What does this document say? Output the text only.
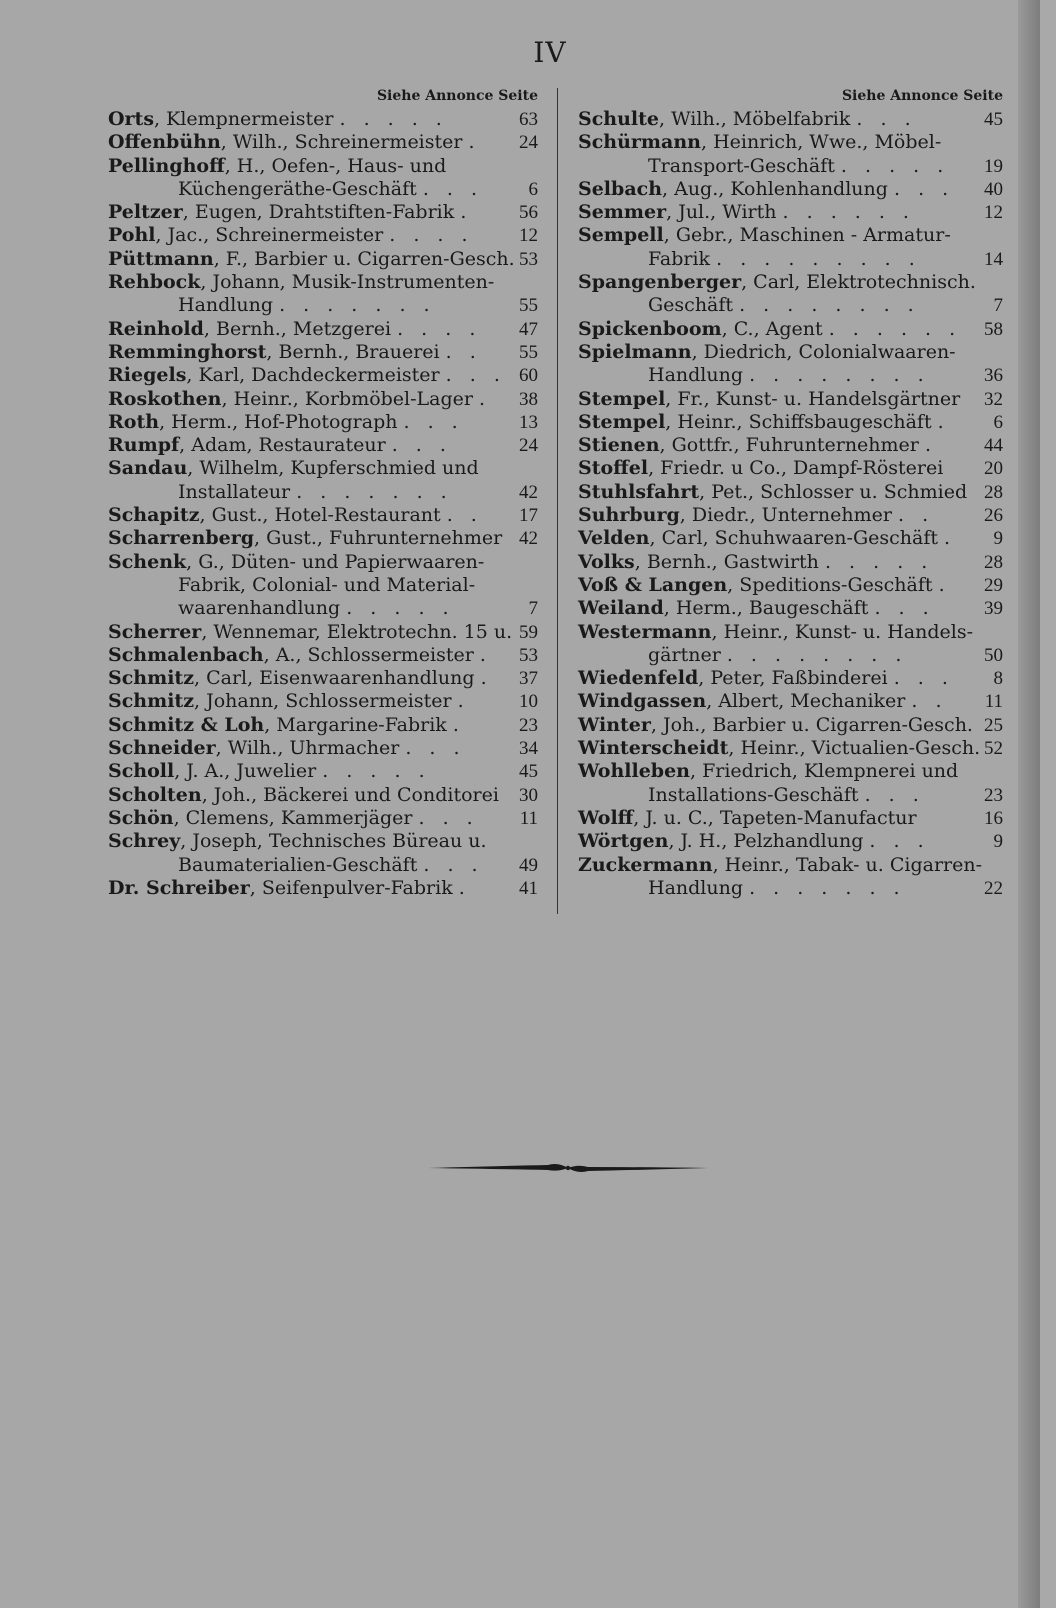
IV
Siehe Annonce Seite
Orts, Klempnermeister . . . . .	63
Offenbühn, Wilh., Schreinermeister . 24
Pellinghoff, H., Oefen-, Haus- und
Küchengeräthe-Geschäft . . . 6
Peltzer, Eugen, Drahtstiften-Fabrik . 56
Pohl, Jac., Schreinermeister . . . . 12
Püttmann, F., Barbier u. Cigarren-Gesch. 53
Rehbock, Johann, Musik-Instrumenten-
Handlung . . . . . . .	55
Reinhold, Bernh., Metzgerei . . . . 47
Remminghorst, Bernh., Brauerei . . 55
Riegels, Karl, Dachdeckermeister . . . 60
Roskothen, Heinr., Korbmöbel-Lager . 38
Roth, Herm., Hof-Photograph . . .	13
Rumpf, Adam, Restaurateur . . .	24
Sandau, Wilhelm, Kupferschmied und
Installateur . . . . . . .	42
Schapitz, Gust., Hotel-Restaurant . . 17
Scharrenberg, Gust., Fuhrunternehmer 42
Schenk, G., Düten- und Papierwaaren-
Fabrik, Colonial- und Material-
waarenhandlung . . . . .	7
Scherrer, Wennemar, Elektrotechn. 15 u. 59
Schmalenbach, A., Schlossermeister . 53
Schmitz, Carl, Eisenwaarenhandlung . 37
Schmitz, Johann, Schlossermeister .	10
Schmitz & Loh, Margarine-Fabrik .	23
Schneider, Wilh., Uhrmacher . . .	34
Scholl, J. A., Juwelier . . . . .	45
Scholten, Joh., Bäckerei und Conditorei 30
Schön, Clemens, Kammerjäger . . . 11
Schrey, Joseph, Technisches Büreau u.
Baumaterialien-Geschäft . . . 49
Dr. Schreiber, Seifenpulver-Fabrik .	41
Siehe Annonce Seite
Schulte, Wilh., Möbelfabrik . . .	45
Schürmann, Heinrich, Wwe., Möbel-
Transport-Geschäft . . . . . 19
Selbach, Aug., Kohlenhandlung . . . 40
Semmer, Jul., Wirth . . . . . .	12
Sempell, Gebr., Maschinen - Armatur-
Fabrik . . . . . . . . .	14
Spangenberger, Carl, Elektrotechnisch.
Geschäft . . . . . . . .	7
Spickenboom, C., Agent . . . . . . 58
Spielmann, Diedrich, Colonialwaaren-
Handlung . . . . . . . .	36
Stempel, Fr., Kunst- u. Handelsgärtner 32
Stempel, Heinr., Schiffsbaugeschäft . 6
Stienen, Gottfr., Fuhrunternehmer . 44
Stoffel, Friedr. u Co., Dampf-Rösterei 20
Stuhlsfahrt, Pet., Schlosser u. Schmied 28
Suhrburg, Diedr., Unternehmer . .	26
Velden, Carl, Schuhwaaren-Geschäft . 9
Volks, Bernh., Gastwirth . . . . .	28
Voß & Langen, Speditions-Geschäft . 29
Weiland, Herm., Baugeschäft . . .	39
Westermann, Heinr., Kunst- u. Handels-
gärtner . . . . . . . .	50
Wiedenfeld, Peter, Faßbinderei . . . 8
Windgassen, Albert, Mechaniker . . 11
Winter, Joh., Barbier u. Cigarren-Gesch. 25
Winterscheidt, Heinr., Victualien-Gesch. 52
Wohlleben, Friedrich, Klempnerei und
Installations-Geschäft . . .	23
Wolff, J. u. C., Tapeten-Manufactur	16
Wörtgen, J. H., Pelzhandlung . . .	9
Zuckermann, Heinr., Tabak- u. Cigarren-
Handlung . . . . . . .	22
